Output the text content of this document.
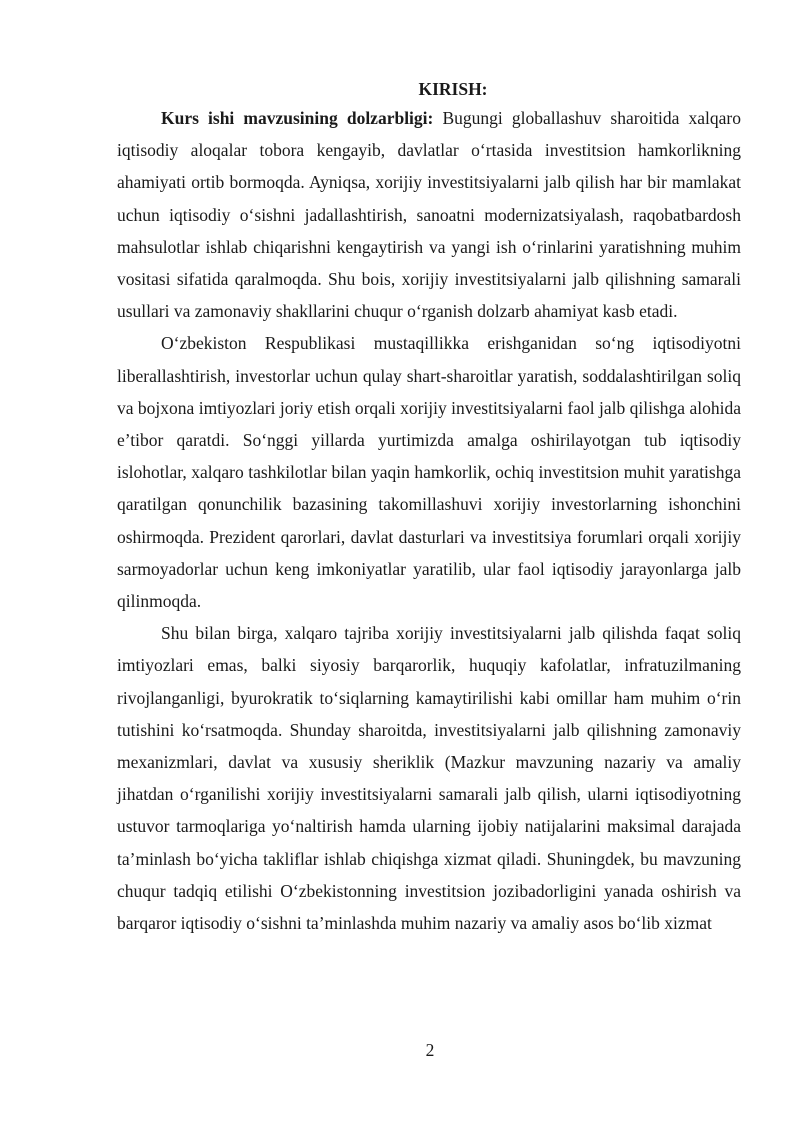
KIRISH:

Kurs ishi mavzusining dolzarbligi: Bugungi globallashuv sharoitida xalqaro iqtisodiy aloqalar tobora kengayib, davlatlar o‘rtasida investitsion hamkorlikning ahamiyati ortib bormoqda. Ayniqsa, xorijiy investitsiyalarni jalb qilish har bir mamlakat uchun iqtisodiy o‘sishni jadallashtirish, sanoatni modernizatsiyalash, raqobatbardosh mahsulotlar ishlab chiqarishni kengaytirish va yangi ish o‘rinlarini yaratishning muhim vositasi sifatida qaralmoqda. Shu bois, xorijiy investitsiyalarni jalb qilishning samarali usullari va zamonaviy shakllarini chuqur o‘rganish dolzarb ahamiyat kasb etadi.

O‘zbekiston Respublikasi mustaqillikka erishganidan so‘ng iqtisodiyotni liberallashtirish, investorlar uchun qulay shart-sharoitlar yaratish, soddalashtirilgan soliq va bojxona imtiyozlari joriy etish orqali xorijiy investitsiyalarni faol jalb qilishga alohida e’tibor qaratdi. So‘nggi yillarda yurtimizda amalga oshirilayotgan tub iqtisodiy islohotlar, xalqaro tashkilotlar bilan yaqin hamkorlik, ochiq investitsion muhit yaratishga qaratilgan qonunchilik bazasining takomillashuvi xorijiy investorlarning ishonchini oshirmoqda. Prezident qarorlari, davlat dasturlari va investitsiya forumlari orqali xorijiy sarmoyadorlar uchun keng imkoniyatlar yaratilib, ular faol iqtisodiy jarayonlarga jalb qilinmoqda.

Shu bilan birga, xalqaro tajriba xorijiy investitsiyalarni jalb qilishda faqat soliq imtiyozlari emas, balki siyosiy barqarorlik, huquqiy kafolatlar, infratuzilmaning rivojlanganligi, byurokratik to‘siqlarning kamaytirilishi kabi omillar ham muhim o‘rin tutishini ko‘rsatmoqda. Shunday sharoitda, investitsiyalarni jalb qilishning zamonaviy mexanizmlari, davlat va xususiy sheriklik (Mazkur mavzuning nazariy va amaliy jihatdan o‘rganilishi xorijiy investitsiyalarni samarali jalb qilish, ularni iqtisodiyotning ustuvor tarmoqlariga yo‘naltirish hamda ularning ijobiy natijalarini maksimal darajada ta’minlash bo‘yicha takliflar ishlab chiqishga xizmat qiladi. Shuningdek, bu mavzuning chuqur tadqiq etilishi O‘zbekistonning investitsion jozibadorligini yanada oshirish va barqaror iqtisodiy o‘sishni ta’minlashda muhim nazariy va amaliy asos bo‘lib xizmat

2
